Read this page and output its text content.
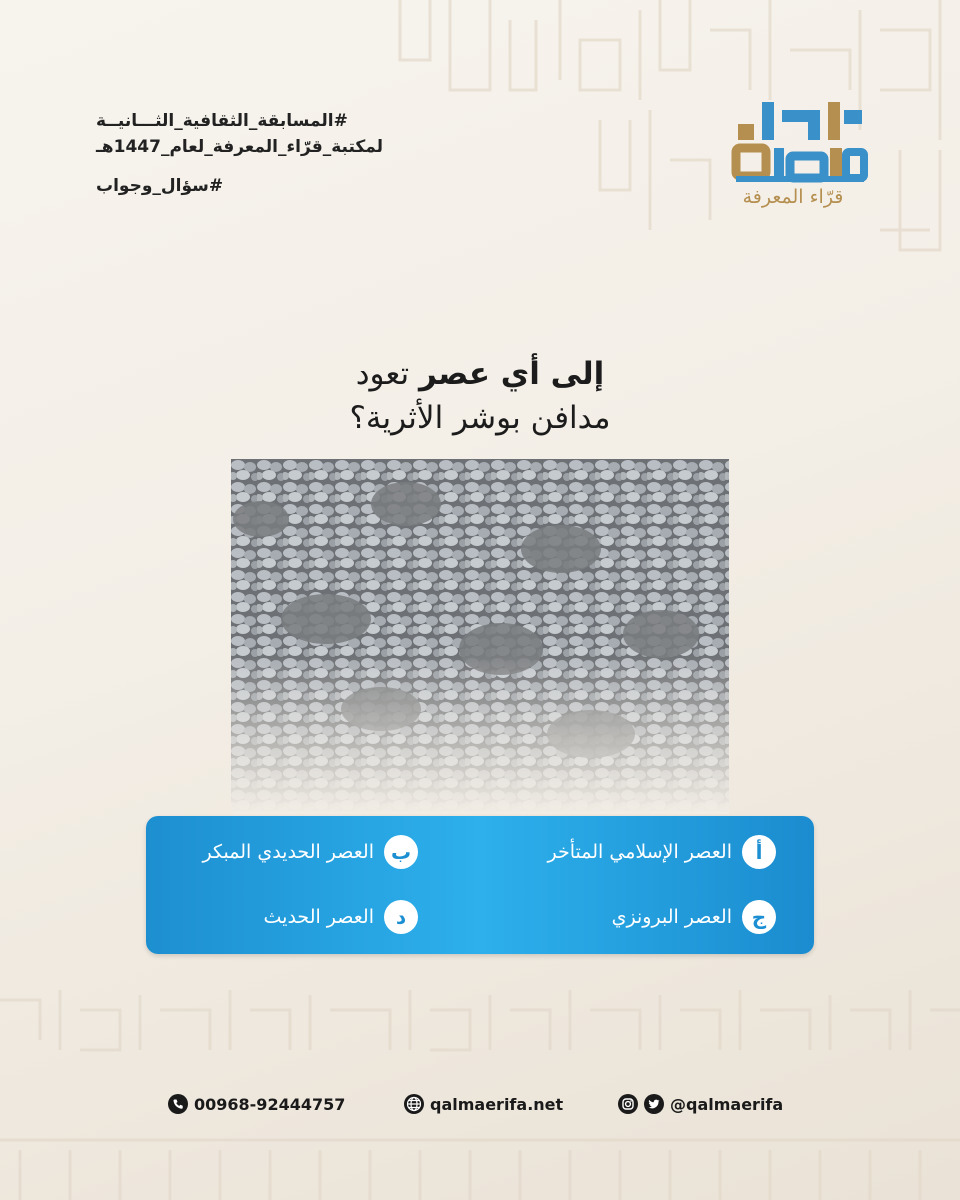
#المسابقة_الثقافية_الثـــانيــة
لمكتبة_قرّاء_المعرفة_لعام_1447هـ
#سؤال_وجواب
قرّاء المعرفة
إلى أي عصر تعود
مدافن بوشر الأثرية؟
أ
العصر الإسلامي المتأخر
ب
العصر الحديدي المبكر
ج
العصر البرونزي
د
العصر الحديث
00968-92444757	qalmaerifa.net	@qalmaerifa
